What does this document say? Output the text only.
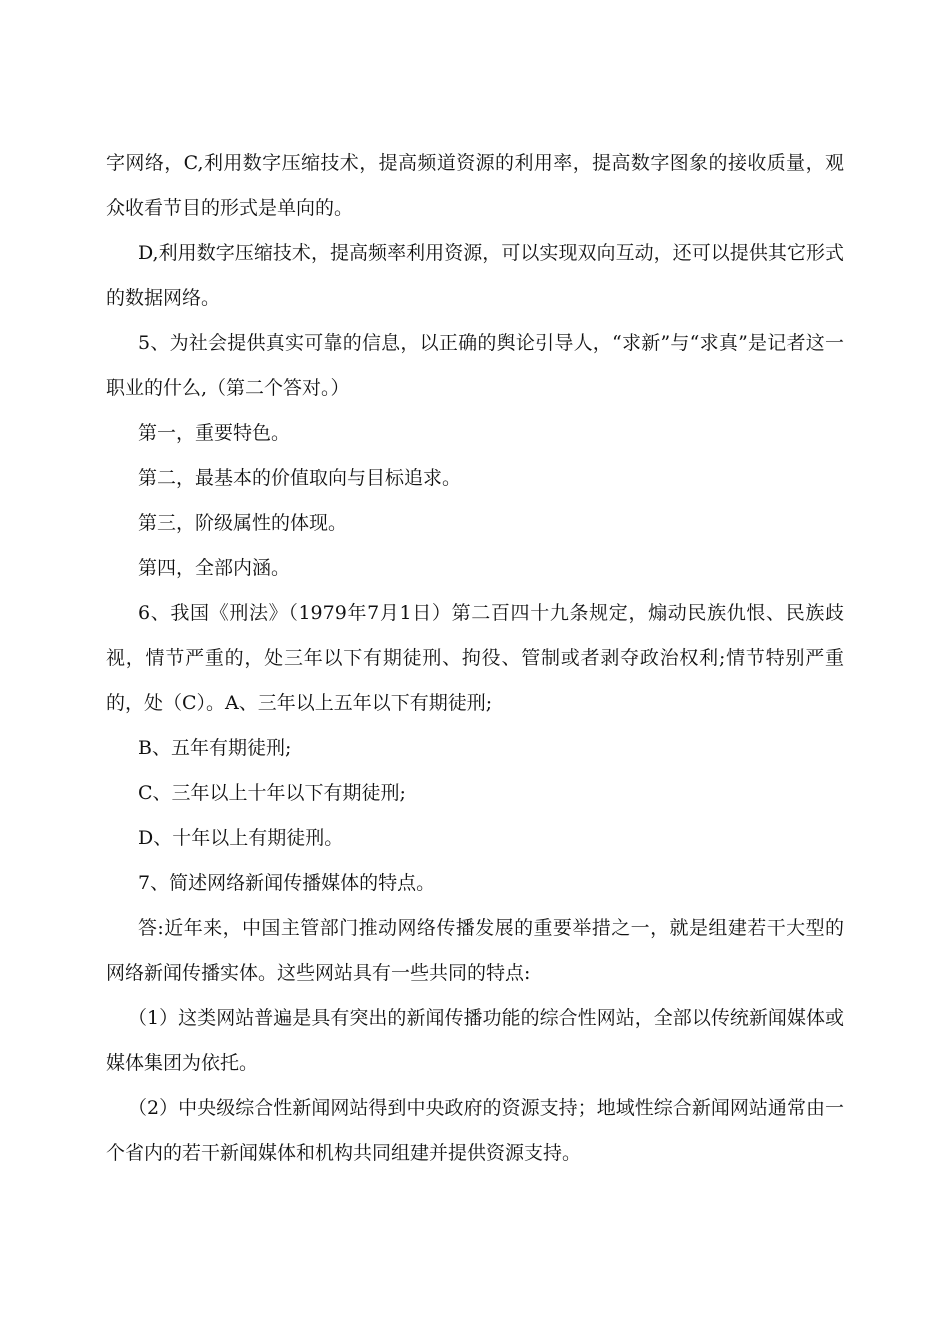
字网络，C,利用数字压缩技术，提高频道资源的利用率，提高数字图象的接收质量，观众收看节目的形式是单向的。

D,利用数字压缩技术，提高频率利用资源，可以实现双向互动，还可以提供其它形式的数据网络。

5、为社会提供真实可靠的信息，以正确的舆论引导人，“求新”与“求真”是记者这一职业的什么,（第二个答对。）

第一，重要特色。

第二，最基本的价值取向与目标追求。

第三，阶级属性的体现。

第四，全部内涵。

6、我国《刑法》（1979年7月1日）第二百四十九条规定，煽动民族仇恨、民族歧视，情节严重的，处三年以下有期徒刑、拘役、管制或者剥夺政治权利;情节特别严重的，处（C）。A、三年以上五年以下有期徒刑;

B、五年有期徒刑;

C、三年以上十年以下有期徒刑;

D、十年以上有期徒刑。

7、简述网络新闻传播媒体的特点。

答:近年来，中国主管部门推动网络传播发展的重要举措之一，就是组建若干大型的网络新闻传播实体。这些网站具有一些共同的特点:

（1）这类网站普遍是具有突出的新闻传播功能的综合性网站，全部以传统新闻媒体或媒体集团为依托。

（2）中央级综合性新闻网站得到中央政府的资源支持；地域性综合新闻网站通常由一个省内的若干新闻媒体和机构共同组建并提供资源支持。
